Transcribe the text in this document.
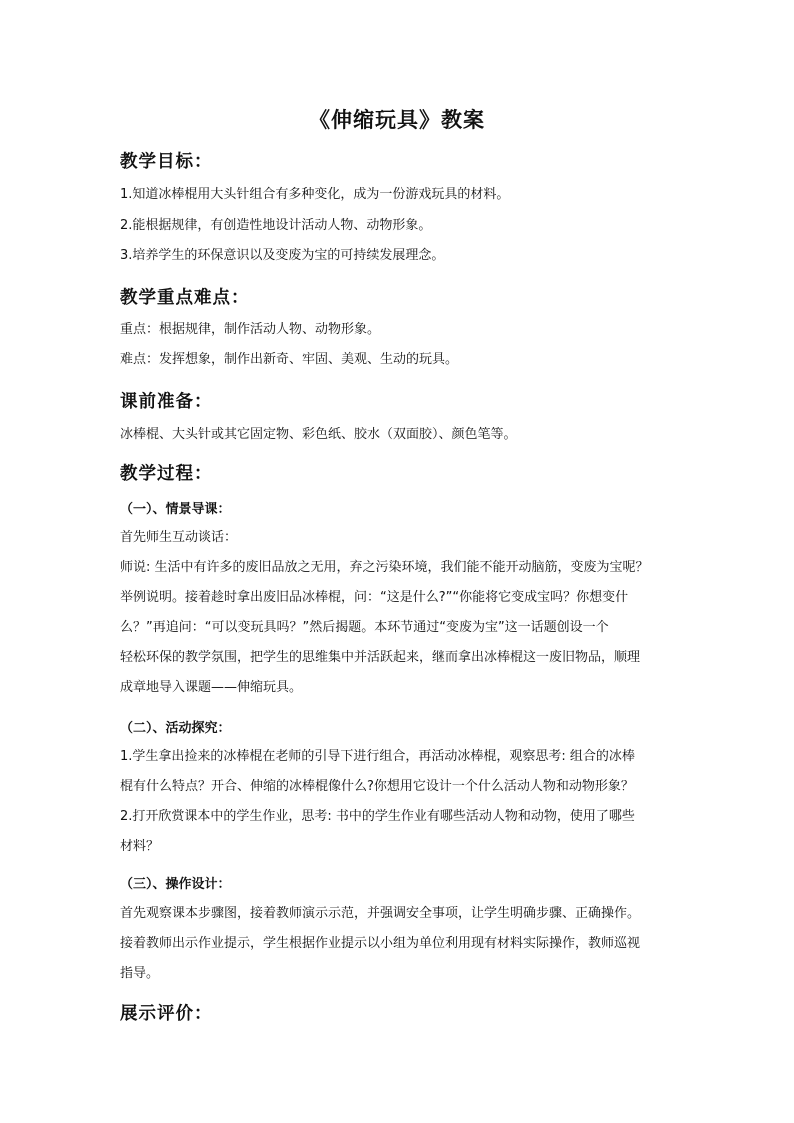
《伸缩玩具》教案
教学目标：
1.知道冰棒棍用大头针组合有多种变化，成为一份游戏玩具的材料。
2.能根据规律，有创造性地设计活动人物、动物形象。
3.培养学生的环保意识以及变废为宝的可持续发展理念。
教学重点难点：
重点：根据规律，制作活动人物、动物形象。
难点：发挥想象，制作出新奇、牢固、美观、生动的玩具。
课前准备：
冰棒棍、大头针或其它固定物、彩色纸、胶水（双面胶）、颜色笔等。
教学过程：
（一）、情景导课：
首先师生互动谈话：
师说: 生活中有许多的废旧品放之无用，弃之污染环境，我们能不能开动脑筋，变废为宝呢？
举例说明。接着趁时拿出废旧品冰棒棍，问：“这是什么?”“你能将它变成宝吗？你想变什
么？”再追问：“可以变玩具吗？”然后揭题。本环节通过“变废为宝”这一话题创设一个
轻松环保的教学氛围，把学生的思维集中并活跃起来，继而拿出冰棒棍这一废旧物品，顺理
成章地导入课题——伸缩玩具。
（二）、活动探究：
1.学生拿出捡来的冰棒棍在老师的引导下进行组合，再活动冰棒棍，观察思考: 组合的冰棒
棍有什么特点？开合、伸缩的冰棒棍像什么?你想用它设计一个什么活动人物和动物形象？
2.打开欣赏课本中的学生作业，思考: 书中的学生作业有哪些活动人物和动物，使用了哪些
材料？
（三）、操作设计：
首先观察课本步骤图，接着教师演示示范，并强调安全事项，让学生明确步骤、正确操作。
接着教师出示作业提示，学生根据作业提示以小组为单位利用现有材料实际操作，教师巡视
指导。
展示评价：
